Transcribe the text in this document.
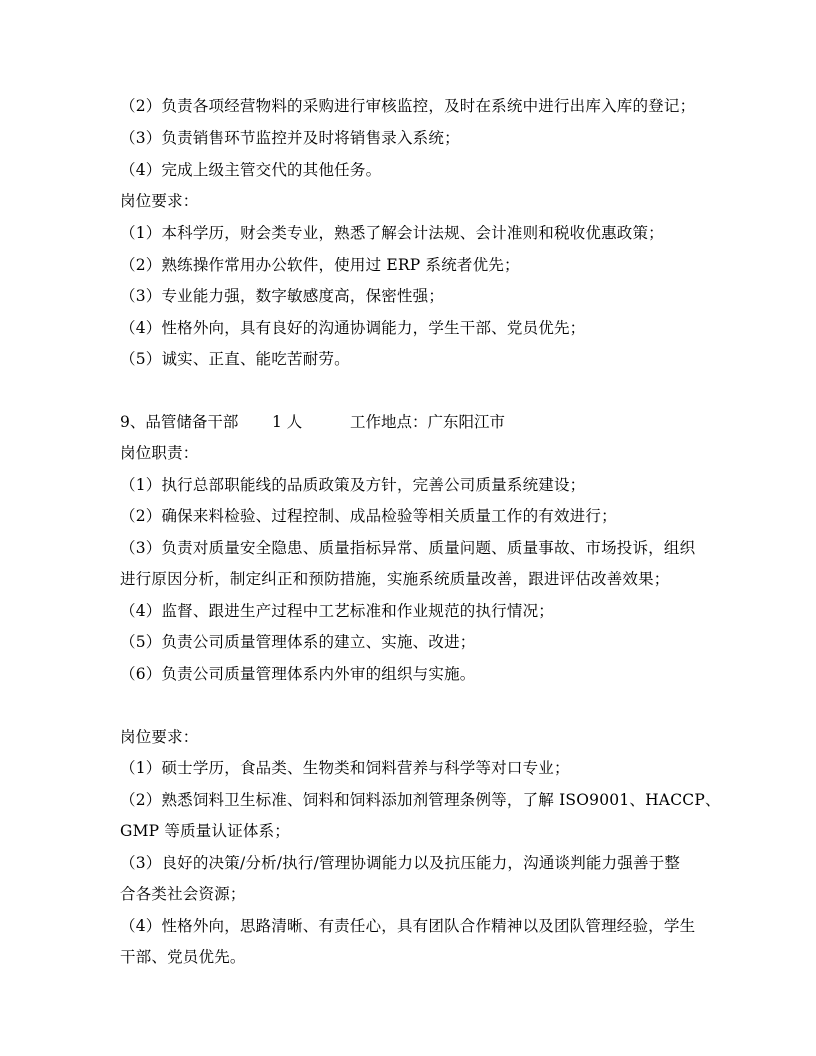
（2）负责各项经营物料的采购进行审核监控，及时在系统中进行出库入库的登记；
（3）负责销售环节监控并及时将销售录入系统；
（4）完成上级主管交代的其他任务。
岗位要求：
（1）本科学历，财会类专业，熟悉了解会计法规、会计准则和税收优惠政策；
（2）熟练操作常用办公软件，使用过 ERP 系统者优先；
（3）专业能力强，数字敏感度高，保密性强；
（4）性格外向，具有良好的沟通协调能力，学生干部、党员优先；
（5）诚实、正直、能吃苦耐劳。
9、品管储备干部 1 人	工作地点：广东阳江市
岗位职责：
（1）执行总部职能线的品质政策及方针，完善公司质量系统建设；
（2）确保来料检验、过程控制、成品检验等相关质量工作的有效进行；
（3）负责对质量安全隐患、质量指标异常、质量问题、质量事故、市场投诉，组织
进行原因分析，制定纠正和预防措施，实施系统质量改善，跟进评估改善效果；
（4）监督、跟进生产过程中工艺标准和作业规范的执行情况；
（5）负责公司质量管理体系的建立、实施、改进；
（6）负责公司质量管理体系内外审的组织与实施。
岗位要求：
（1）硕士学历，食品类、生物类和饲料营养与科学等对口专业；
（2）熟悉饲料卫生标准、饲料和饲料添加剂管理条例等，了解 ISO9001、HACCP、
GMP 等质量认证体系；
（3）良好的决策/分析/执行/管理协调能力以及抗压能力，沟通谈判能力强善于整
合各类社会资源；
（4）性格外向，思路清晰、有责任心，具有团队合作精神以及团队管理经验，学生
干部、党员优先。
